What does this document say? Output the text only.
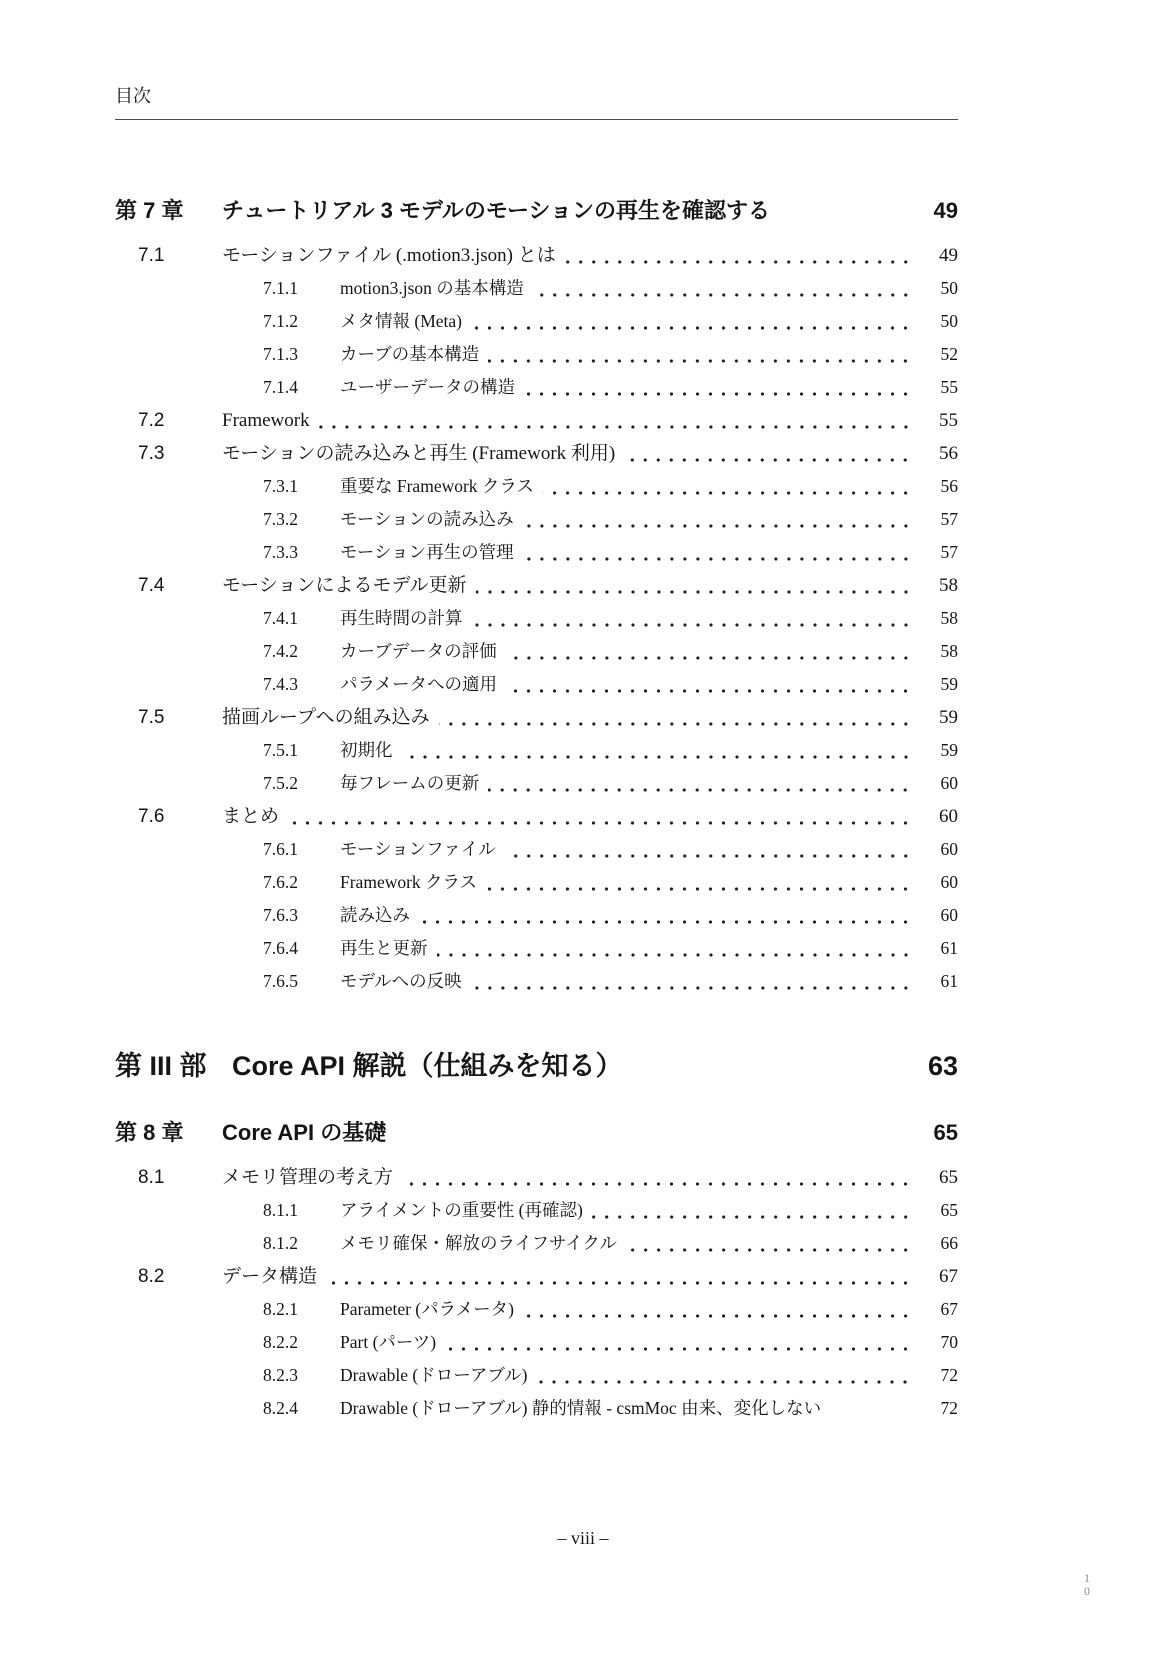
目次
第 7 章	チュートリアル 3 モデルのモーションの再生を確認する	49
7.1	モーションファイル (.motion3.json) とは	49
7.1.1	motion3.json の基本構造	50
7.1.2	メタ情報 (Meta)	50
7.1.3	カーブの基本構造	52
7.1.4	ユーザーデータの構造	55
7.2	Framework	55
7.3	モーションの読み込みと再生 (Framework 利用)	56
7.3.1	重要な Framework クラス	56
7.3.2	モーションの読み込み	57
7.3.3	モーション再生の管理	57
7.4	モーションによるモデル更新	58
7.4.1	再生時間の計算	58
7.4.2	カーブデータの評価	58
7.4.3	パラメータへの適用	59
7.5	描画ループへの組み込み	59
7.5.1	初期化	59
7.5.2	毎フレームの更新	60
7.6	まとめ	60
7.6.1	モーションファイル	60
7.6.2	Framework クラス	60
7.6.3	読み込み	60
7.6.4	再生と更新	61
7.6.5	モデルへの反映	61
第 III 部 Core API 解説（仕組みを知る）	63
第 8 章	Core API の基礎	65
8.1	メモリ管理の考え方	65
8.1.1	アライメントの重要性 (再確認)	65
8.1.2	メモリ確保・解放のライフサイクル	66
8.2	データ構造	67
8.2.1	Parameter (パラメータ)	67
8.2.2	Part (パーツ)	70
8.2.3	Drawable (ドローアブル)	72
8.2.4	Drawable (ドローアブル) 静的情報 - csmMoc 由来、変化しない	72
– viii –
1
0
